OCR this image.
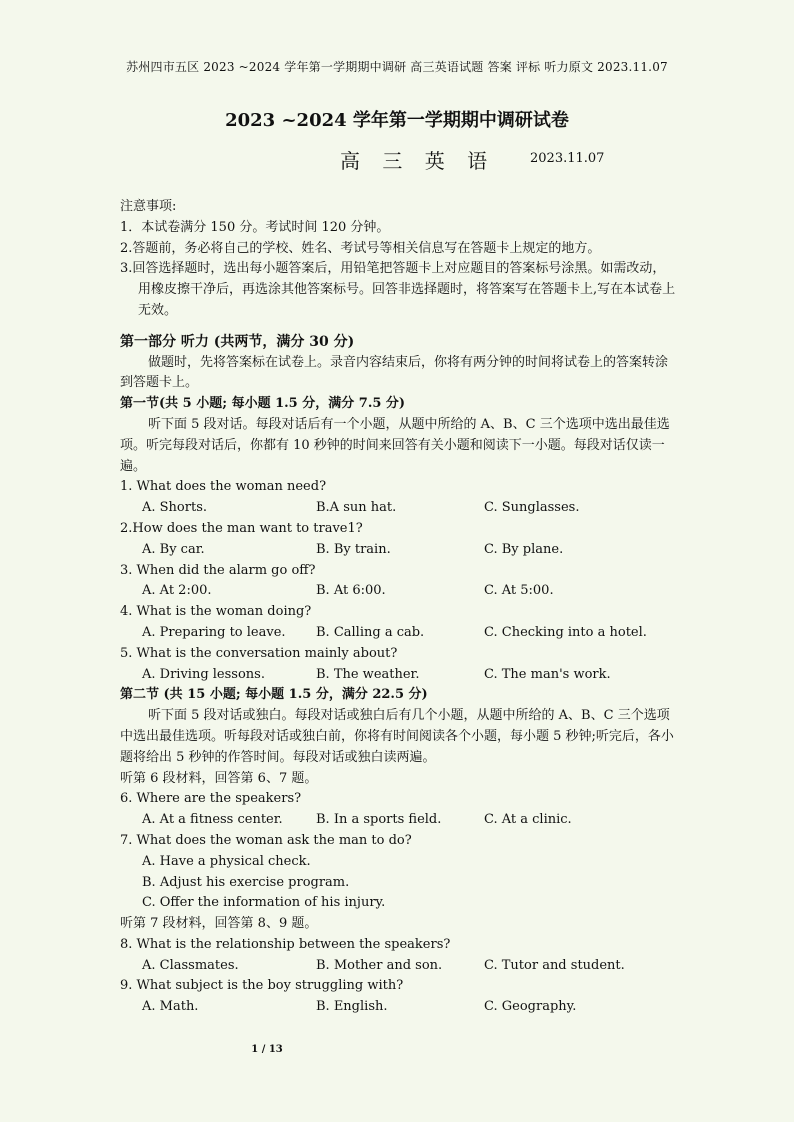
苏州四市五区 2023 ~2024 学年第一学期期中调研 高三英语试题 答案 评标 听力原文 2023.11.07
2023 ~2024 学年第一学期期中调研试卷
高 三 英 语	2023.11.07
注意事项:
1．本试卷满分 150 分。考试时间 120 分钟。
2.答题前，务必将自己的学校、姓名、考试号等相关信息写在答题卡上规定的地方。
3.回答选择题时，选出每小题答案后，用铅笔把答题卡上对应题目的答案标号涂黑。如需改动，用橡皮擦干净后，再选涂其他答案标号。回答非选择题时，将答案写在答题卡上,写在本试卷上无效。
第一部分 听力 (共两节，满分 30 分)
做题时，先将答案标在试卷上。录音内容结束后，你将有两分钟的时间将试卷上的答案转涂到答题卡上。
第一节(共 5 小题; 每小题 1.5 分，满分 7.5 分)
听下面 5 段对话。每段对话后有一个小题，从题中所给的 A、B、C 三个选项中选出最佳选项。听完每段对话后，你都有 10 秒钟的时间来回答有关小题和阅读下一小题。每段对话仅读一遍。
1. What does the woman need?
A. Shorts.	B.A sun hat.	C. Sunglasses.
2.How does the man want to trave1?
A. By car.	B. By train.	C. By plane.
3. When did the alarm go off?
A. At 2:00.	B. At 6:00.	C. At 5:00.
4. What is the woman doing?
A. Preparing to leave. B. Calling a cab.	C. Checking into a hotel.
5. What is the conversation mainly about?
A. Driving lessons.	B. The weather.	C. The man's work.
第二节 (共 15 小题; 每小题 1.5 分，满分 22.5 分)
听下面 5 段对话或独白。每段对话或独白后有几个小题，从题中所给的 A、B、C 三个选项中选出最佳选项。听每段对话或独白前，你将有时间阅读各个小题，每小题 5 秒钟;听完后，各小题将给出 5 秒钟的作答时间。每段对话或独白读两遍。
听第 6 段材料，回答第 6、7 题。
6. Where are the speakers?
A. At a fitness center.	B. In a sports field.	C. At a clinic.
7. What does the woman ask the man to do?
A. Have a physical check.
B. Adjust his exercise program.
C. Offer the information of his injury.
听第 7 段材料，回答第 8、9 题。
8. What is the relationship between the speakers?
A. Classmates.	B. Mother and son.	C. Tutor and student.
9. What subject is the boy struggling with?
A. Math.	B. English.	C. Geography.
1 / 13
